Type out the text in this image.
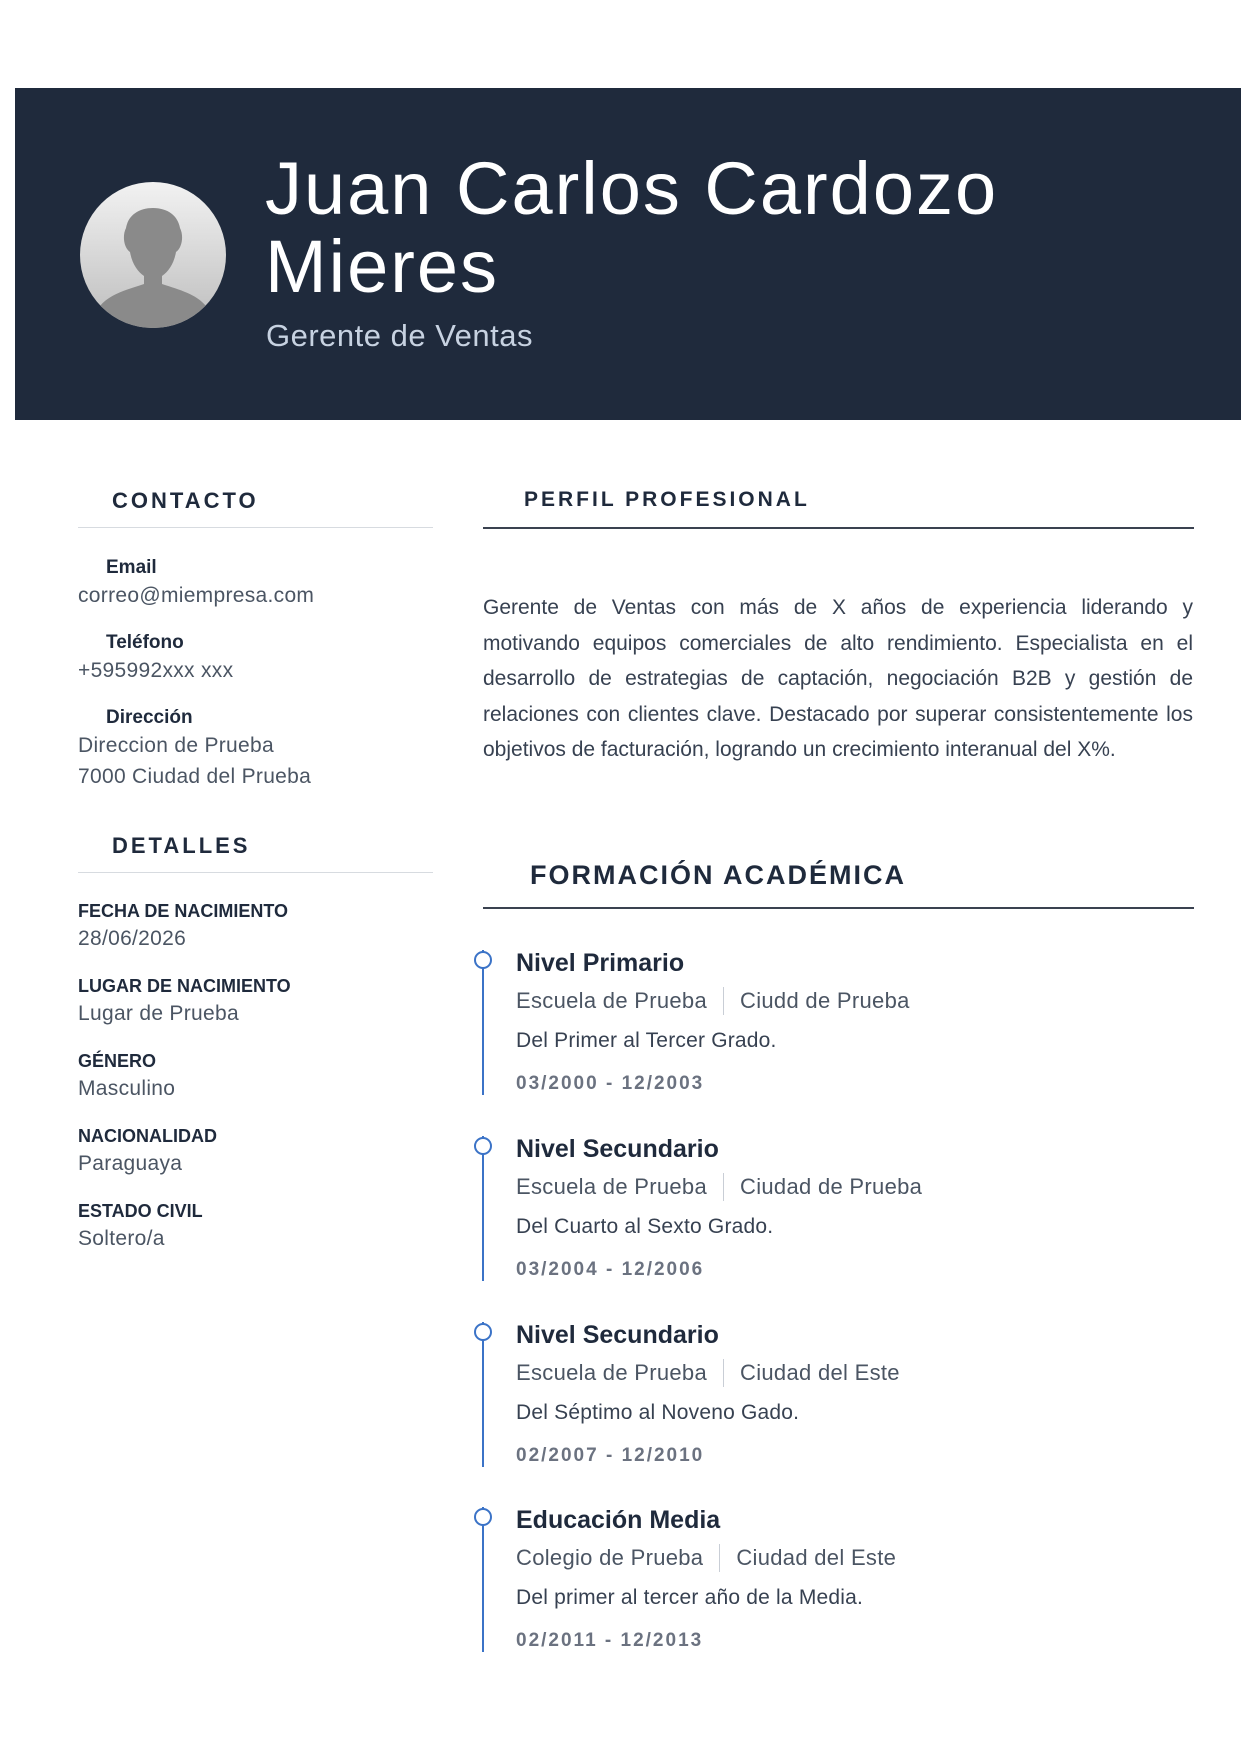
Juan Carlos Cardozo
Mieres
Gerente de Ventas
CONTACTO
Email
correo@miempresa.com
Teléfono
+595992xxx xxx
Dirección
Direccion de Prueba
7000 Ciudad del Prueba
DETALLES
FECHA DE NACIMIENTO
28/06/2026
LUGAR DE NACIMIENTO
Lugar de Prueba
GÉNERO
Masculino
NACIONALIDAD
Paraguaya
ESTADO CIVIL
Soltero/a
PERFIL PROFESIONAL
Gerente de Ventas con más de X años de experiencia liderando y motivando equipos comerciales de alto rendimiento. Especialista en el desarrollo de estrategias de captación, negociación B2B y gestión de relaciones con clientes clave. Destacado por superar consistentemente los objetivos de facturación, logrando un crecimiento interanual del X%.
FORMACIÓN ACADÉMICA
Nivel Primario
Escuela de Prueba Ciudd de Prueba
Del Primer al Tercer Grado.
03/2000 - 12/2003
Nivel Secundario
Escuela de Prueba Ciudad de Prueba
Del Cuarto al Sexto Grado.
03/2004 - 12/2006
Nivel Secundario
Escuela de Prueba Ciudad del Este
Del Séptimo al Noveno Gado.
02/2007 - 12/2010
Educación Media
Colegio de Prueba Ciudad del Este
Del primer al tercer año de la Media.
02/2011 - 12/2013
